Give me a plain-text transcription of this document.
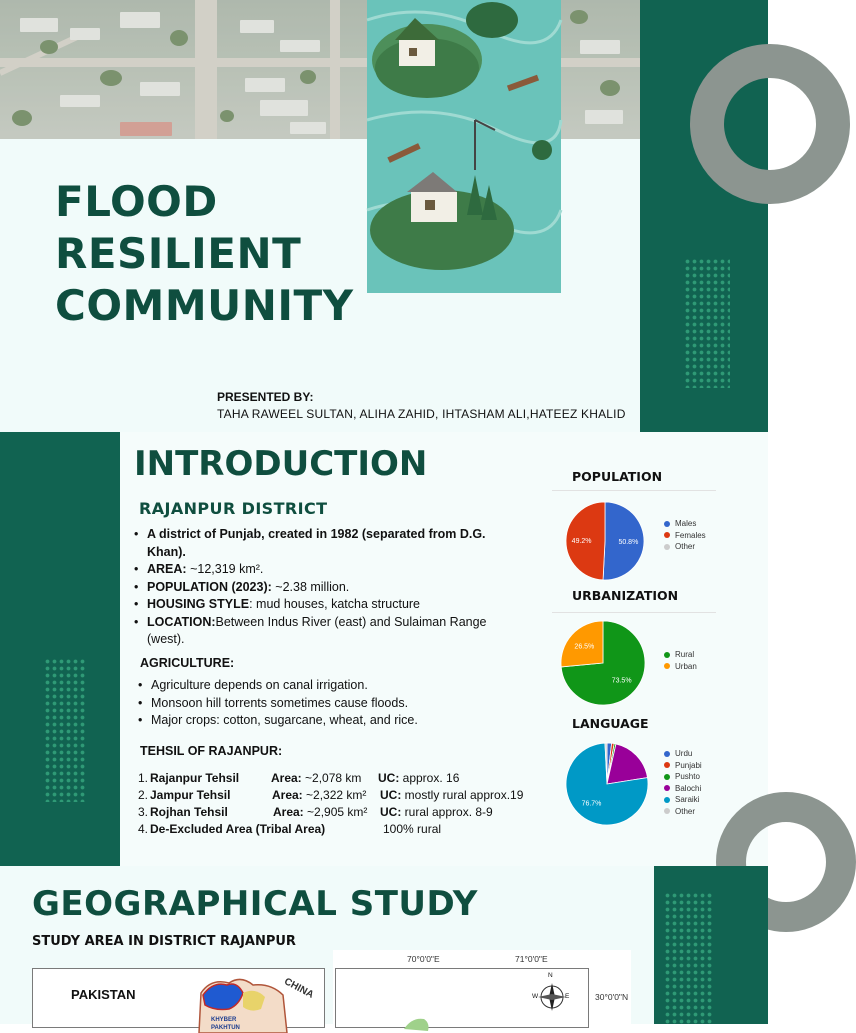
FLOOD
RESILIENT
COMMUNITY
PRESENTED BY:
TAHA RAWEEL SULTAN, ALIHA ZAHID, IHTASHAM ALI,HATEEZ KHALID
INTRODUCTION
RAJANPUR DISTRICT
• A district of Punjab, created in 1982 (separated from D.G. Khan).
• AREA: ~12,319 km².
• POPULATION (2023): ~2.38 million.
• HOUSING STYLE: mud houses, katcha structure
• LOCATION:Between Indus River (east) and Sulaiman Range (west).
AGRICULTURE:
• Agriculture depends on canal irrigation.
• Monsoon hill torrents sometimes cause floods.
• Major crops: cotton, sugarcane, wheat, and rice.
TEHSIL OF RAJANPUR:
1. Rajanpur Tehsil	Area: ~2,078 km UC: approx. 16
2. Jampur Tehsil	Area: ~2,322 km² UC: mostly rural approx.19
3. Rojhan Tehsil	Area: ~2,905 km² UC: rural approx. 8-9
4. De-Excluded Area (Tribal Area)	100% rural
POPULATION
50.8%
49.2%
Males
Females
Other
URBANIZATION
73.5%
26.5%
Rural
Urban
LANGUAGE
76.7%
Urdu
Punjabi
Pushto
Balochi
Saraiki
Other
GEOGRAPHICAL STUDY
STUDY AREA IN DISTRICT RAJANPUR
PAKISTAN
KHYBER
PAKHTUN
CHINA
70°0'0"E	71°0'0"E
30°0'0"N
N
W	E
